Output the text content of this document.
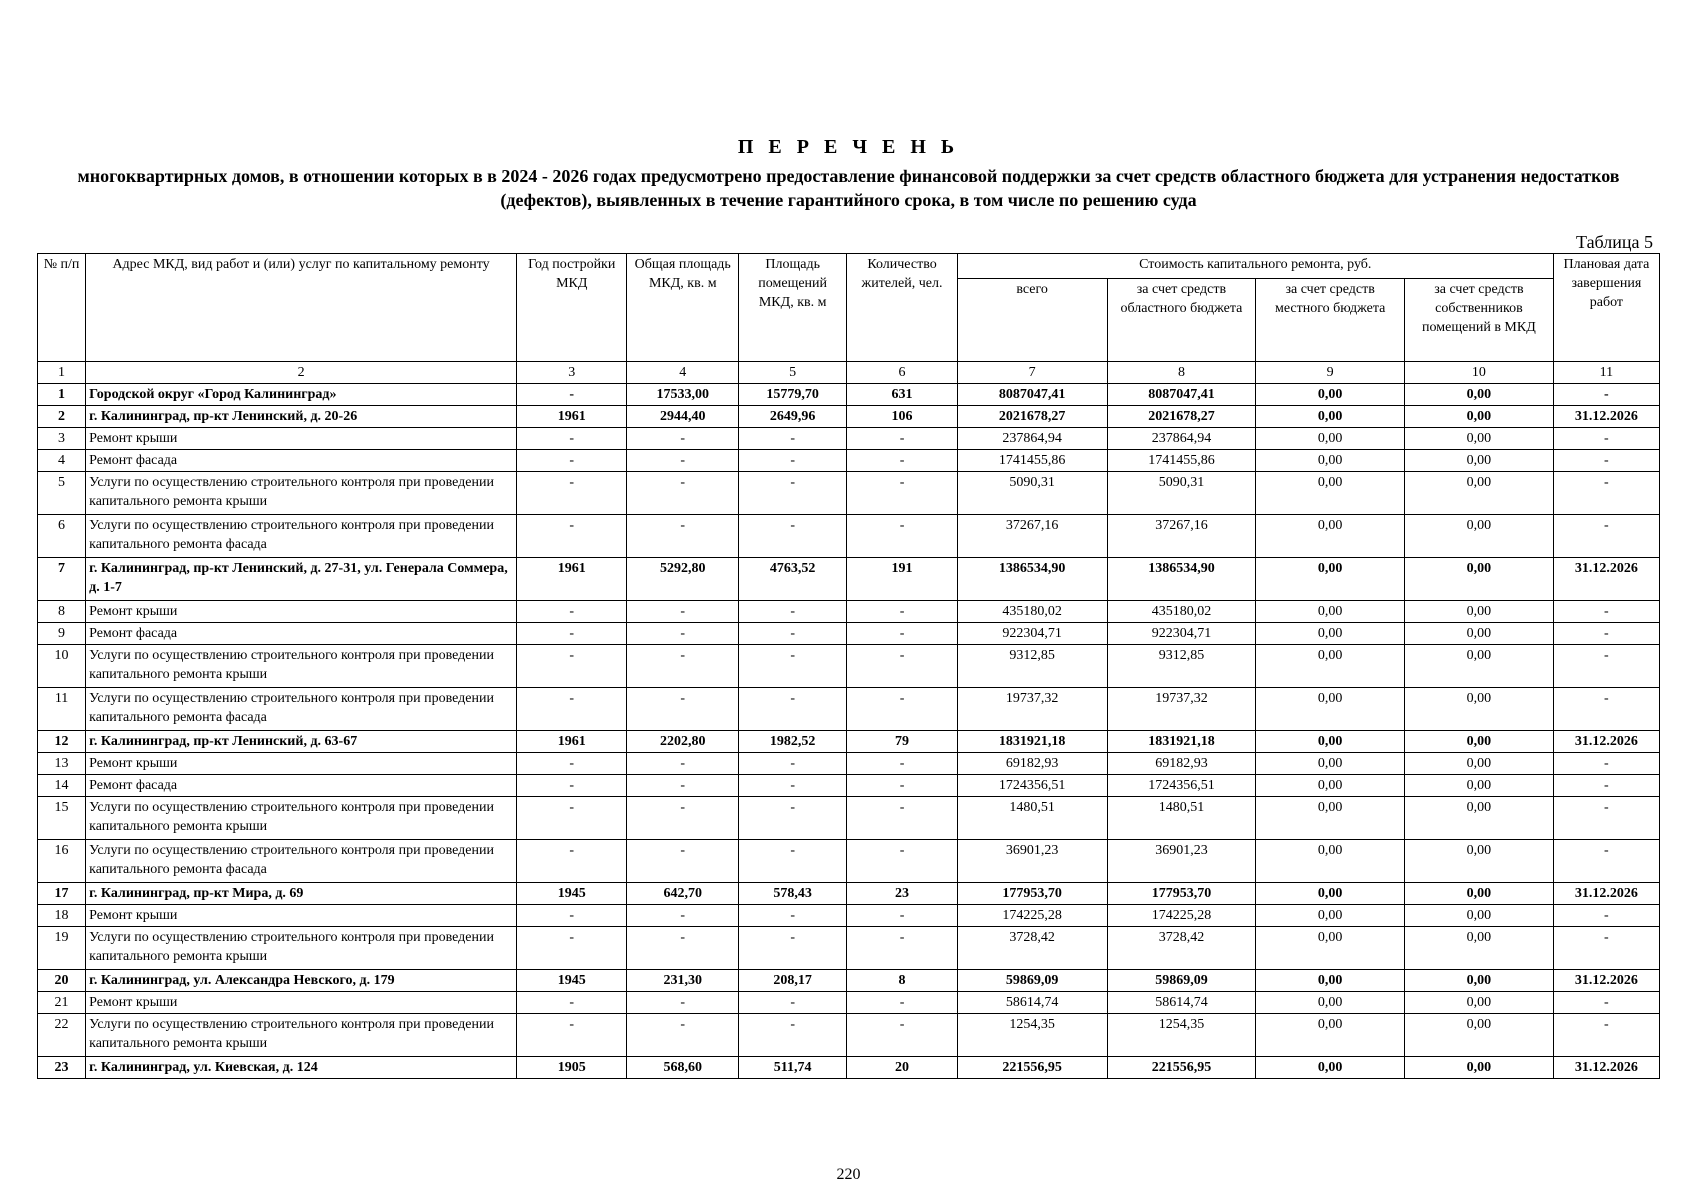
П Е Р Е Ч Е Н Ь
многоквартирных домов, в отношении которых в в 2024 - 2026 годах предусмотрено предоставление финансовой поддержки за счет средств областного бюджета для устранения недостатков (дефектов), выявленных в течение гарантийного срока, в том числе по решению суда
Таблица 5
№ п/п	Адрес МКД, вид работ и (или) услуг по капитальному ремонту	Год постройки МКД	Общая площадь МКД, кв. м	Площадь помещений МКД, кв. м	Количество жителей, чел.	Стоимость капитального ремонта, руб.				Плановая дата завершения работ
						всего	за счет средств областного бюджета	за счет средств местного бюджета	за счет средств собственников помещений в МКД	
1	2	3	4	5	6	7	8	9	10	11
1	Городской округ «Город Калининград»	-	17533,00	15779,70	631	8087047,41	8087047,41	0,00	0,00	-
2	г. Калининград, пр-кт Ленинский, д. 20-26	1961	2944,40	2649,96	106	2021678,27	2021678,27	0,00	0,00	31.12.2026
3	Ремонт крыши	-	-	-	-	237864,94	237864,94	0,00	0,00	-
4	Ремонт фасада	-	-	-	-	1741455,86	1741455,86	0,00	0,00	-
5	Услуги по осуществлению строительного контроля при проведении капитального ремонта крыши	-	-	-	-	5090,31	5090,31	0,00	0,00	-
6	Услуги по осуществлению строительного контроля при проведении капитального ремонта фасада	-	-	-	-	37267,16	37267,16	0,00	0,00	-
7	г. Калининград, пр-кт Ленинский, д. 27-31, ул. Генерала Соммера, д. 1-7	1961	5292,80	4763,52	191	1386534,90	1386534,90	0,00	0,00	31.12.2026
8	Ремонт крыши	-	-	-	-	435180,02	435180,02	0,00	0,00	-
9	Ремонт фасада	-	-	-	-	922304,71	922304,71	0,00	0,00	-
10	Услуги по осуществлению строительного контроля при проведении капитального ремонта крыши	-	-	-	-	9312,85	9312,85	0,00	0,00	-
11	Услуги по осуществлению строительного контроля при проведении капитального ремонта фасада	-	-	-	-	19737,32	19737,32	0,00	0,00	-
12	г. Калининград, пр-кт Ленинский, д. 63-67	1961	2202,80	1982,52	79	1831921,18	1831921,18	0,00	0,00	31.12.2026
13	Ремонт крыши	-	-	-	-	69182,93	69182,93	0,00	0,00	-
14	Ремонт фасада	-	-	-	-	1724356,51	1724356,51	0,00	0,00	-
15	Услуги по осуществлению строительного контроля при проведении капитального ремонта крыши	-	-	-	-	1480,51	1480,51	0,00	0,00	-
16	Услуги по осуществлению строительного контроля при проведении капитального ремонта фасада	-	-	-	-	36901,23	36901,23	0,00	0,00	-
17	г. Калининград, пр-кт Мира, д. 69	1945	642,70	578,43	23	177953,70	177953,70	0,00	0,00	31.12.2026
18	Ремонт крыши	-	-	-	-	174225,28	174225,28	0,00	0,00	-
19	Услуги по осуществлению строительного контроля при проведении капитального ремонта крыши	-	-	-	-	3728,42	3728,42	0,00	0,00	-
20	г. Калининград, ул. Александра Невского, д. 179	1945	231,30	208,17	8	59869,09	59869,09	0,00	0,00	31.12.2026
21	Ремонт крыши	-	-	-	-	58614,74	58614,74	0,00	0,00	-
22	Услуги по осуществлению строительного контроля при проведении капитального ремонта крыши	-	-	-	-	1254,35	1254,35	0,00	0,00	-
23	г. Калининград, ул. Киевская, д. 124	1905	568,60	511,74	20	221556,95	221556,95	0,00	0,00	31.12.2026
220
